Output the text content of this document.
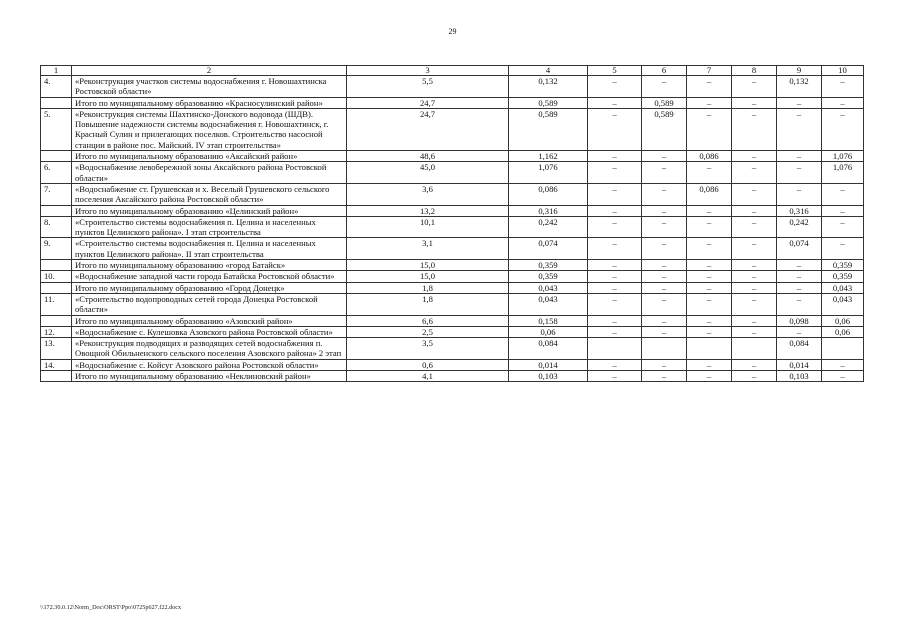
29
1	2	3	4	5	6	7	8	9	10
4.	«Реконструкция участков системы водоснабжения г. Новошахтинска Ростовской области»	5,5	0,132	–	–	–	–	0,132	–
	Итого по муниципальному образованию «Красносулинский район»	24,7	0,589	–	0,589	–	–	–	–
5.	«Реконструкция системы Шахтинско-Донского водовода (ШДВ). Повышение надежности системы водоснабжения г. Новошахтинск, г. Красный Сулин и прилегающих поселков. Строительство насосной станции в районе пос. Майский. IV этап строительства»	24,7	0,589	–	0,589	–	–	–	–
	Итого по муниципальному образованию «Аксайский район»	48,6	1,162	–	–	0,086	–	–	1,076
6.	«Водоснабжение левобережной зоны Аксайского района Ростовской области»	45,0	1,076	–	–	–	–	–	1,076
7.	«Водоснабжение ст. Грушевская и х. Веселый Грушевского сельского поселения Аксайского района Ростовской области»	3,6	0,086	–	–	0,086	–	–	–
	Итого по муниципальному образованию «Целинский район»	13,2	0,316	–	–	–	–	0,316	–
8.	«Строительство системы водоснабжения п. Целина и населенных пунктов Целинского района». I этап строительства	10,1	0,242	–	–	–	–	0,242	–
9.	«Строительство системы водоснабжения п. Целина и населенных пунктов Целинского района». II этап строительства	3,1	0,074	–	–	–	–	0,074	–
	Итого по муниципальному образованию «город Батайск»	15,0	0,359	–	–	–	–	–	0,359
10.	«Водоснабжение западной части города Батайска Ростовской области»	15,0	0,359	–	–	–	–	–	0,359
	Итого по муниципальному образованию «Город Донецк»	1,8	0,043	–	–	–	–	–	0,043
11.	«Строительство водопроводных сетей города Донецка Ростовской области»	1,8	0,043	–	–	–	–	–	0,043
	Итого по муниципальному образованию «Азовский район»	6,6	0,158	–	–	–	–	0,098	0,06
12.	«Водоснабжение с. Кулешовка Азовского района Ростовской области»	2,5	0,06	–	–	–	–	–	0,06
13.	«Реконструкция подводящих и разводящих сетей водоснабжения п. Овощной Обильненского сельского поселения Азовского района» 2 этап	3,5	0,084					0,084	
14.	«Водоснабжение с. Койсуг Азовского района Ростовской области»	0,6	0,014	–	–	–	–	0,014	–
	Итого по муниципальному образованию «Неклиновский район»	4,1	0,103	–	–	–	–	0,103	–
\\172.30.0.12\Norm_Doc\ORST\Ppo\0725p627.f22.docx
